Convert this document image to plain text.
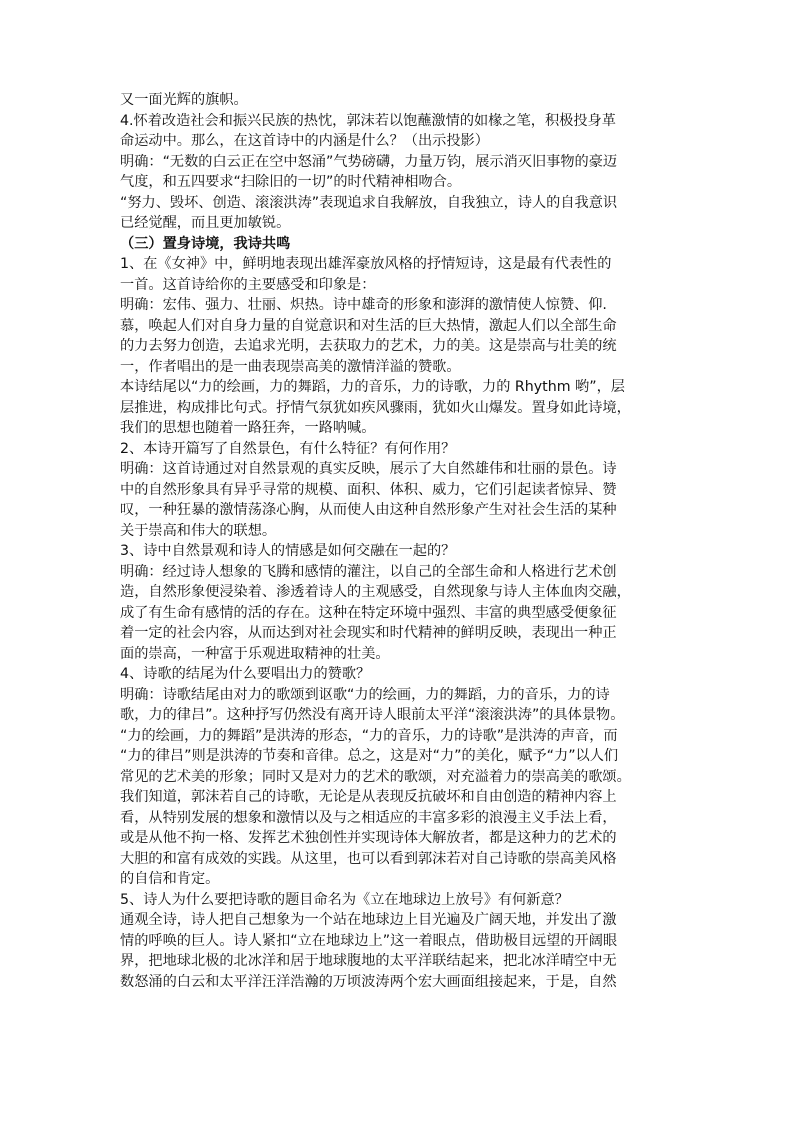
又一面光辉的旗帜。
4.怀着改造社会和振兴民族的热忱，郭沫若以饱蘸激情的如椽之笔，积极投身革
命运动中。那么，在这首诗中的内涵是什么？（出示投影）
明确：“无数的白云正在空中怒涌”气势磅礴，力量万钧，展示消灭旧事物的豪迈
气度，和五四要求“扫除旧的一切”的时代精神相吻合。
“努力、毁坏、创造、滚滚洪涛”表现追求自我解放，自我独立，诗人的自我意识
已经觉醒，而且更加敏锐。
（三）置身诗境，我诗共鸣
1、在《女神》中，鲜明地表现出雄浑豪放风格的抒情短诗，这是最有代表性的
一首。这首诗给你的主要感受和印象是：
明确：宏伟、强力、壮丽、炽热。诗中雄奇的形象和澎湃的激情使人惊赞、仰.
慕，唤起人们对自身力量的自觉意识和对生活的巨大热情，激起人们以全部生命
的力去努力创造，去追求光明，去获取力的艺术，力的美。这是崇高与壮美的统
一，作者唱出的是一曲表现崇高美的激情洋溢的赞歌。
本诗结尾以“力的绘画，力的舞蹈，力的音乐，力的诗歌，力的 Rhythm 哟”，层
层推进，构成排比句式。抒情气氛犹如疾风骤雨，犹如火山爆发。置身如此诗境，
我们的思想也随着一路狂奔，一路呐喊。
2、本诗开篇写了自然景色，有什么特征？有何作用？
明确：这首诗通过对自然景观的真实反映，展示了大自然雄伟和壮丽的景色。诗
中的自然形象具有异乎寻常的规模、面积、体积、威力，它们引起读者惊异、赞
叹，一种狂暴的激情荡涤心胸，从而使人由这种自然形象产生对社会生活的某种
关于崇高和伟大的联想。
3、诗中自然景观和诗人的情感是如何交融在一起的？
明确：经过诗人想象的飞腾和感情的灌注，以自己的全部生命和人格进行艺术创
造，自然形象便浸染着、渗透着诗人的主观感受，自然现象与诗人主体血肉交融，
成了有生命有感情的活的存在。这种在特定环境中强烈、丰富的典型感受便象征
着一定的社会内容，从而达到对社会现实和时代精神的鲜明反映，表现出一种正
面的崇高，一种富于乐观进取精神的壮美。
4、诗歌的结尾为什么要唱出力的赞歌？
明确：诗歌结尾由对力的歌颂到讴歌“力的绘画，力的舞蹈，力的音乐，力的诗
歌，力的律吕”。这种抒写仍然没有离开诗人眼前太平洋“滚滚洪涛”的具体景物。
“力的绘画，力的舞蹈”是洪涛的形态，“力的音乐，力的诗歌”是洪涛的声音，而
“力的律吕”则是洪涛的节奏和音律。总之，这是对“力”的美化，赋予“力”以人们
常见的艺术美的形象；同时又是对力的艺术的歌颂，对充溢着力的崇高美的歌颂。
我们知道，郭沫若自己的诗歌，无论是从表现反抗破坏和自由创造的精神内容上
看，从特别发展的想象和激情以及与之相适应的丰富多彩的浪漫主义手法上看，
或是从他不拘一格、发挥艺术独创性并实现诗体大解放者，都是这种力的艺术的
大胆的和富有成效的实践。从这里，也可以看到郭沫若对自己诗歌的崇高美风格
的自信和肯定。
5、诗人为什么要把诗歌的题目命名为《立在地球边上放号》有何新意？
通观全诗，诗人把自己想象为一个站在地球边上目光遍及广阔天地，并发出了激
情的呼唤的巨人。诗人紧扣“立在地球边上”这一着眼点，借助极目远望的开阔眼
界，把地球北极的北冰洋和居于地球腹地的太平洋联结起来，把北冰洋晴空中无
数怒涌的白云和太平洋汪洋浩瀚的万顷波涛两个宏大画面组接起来，于是，自然
